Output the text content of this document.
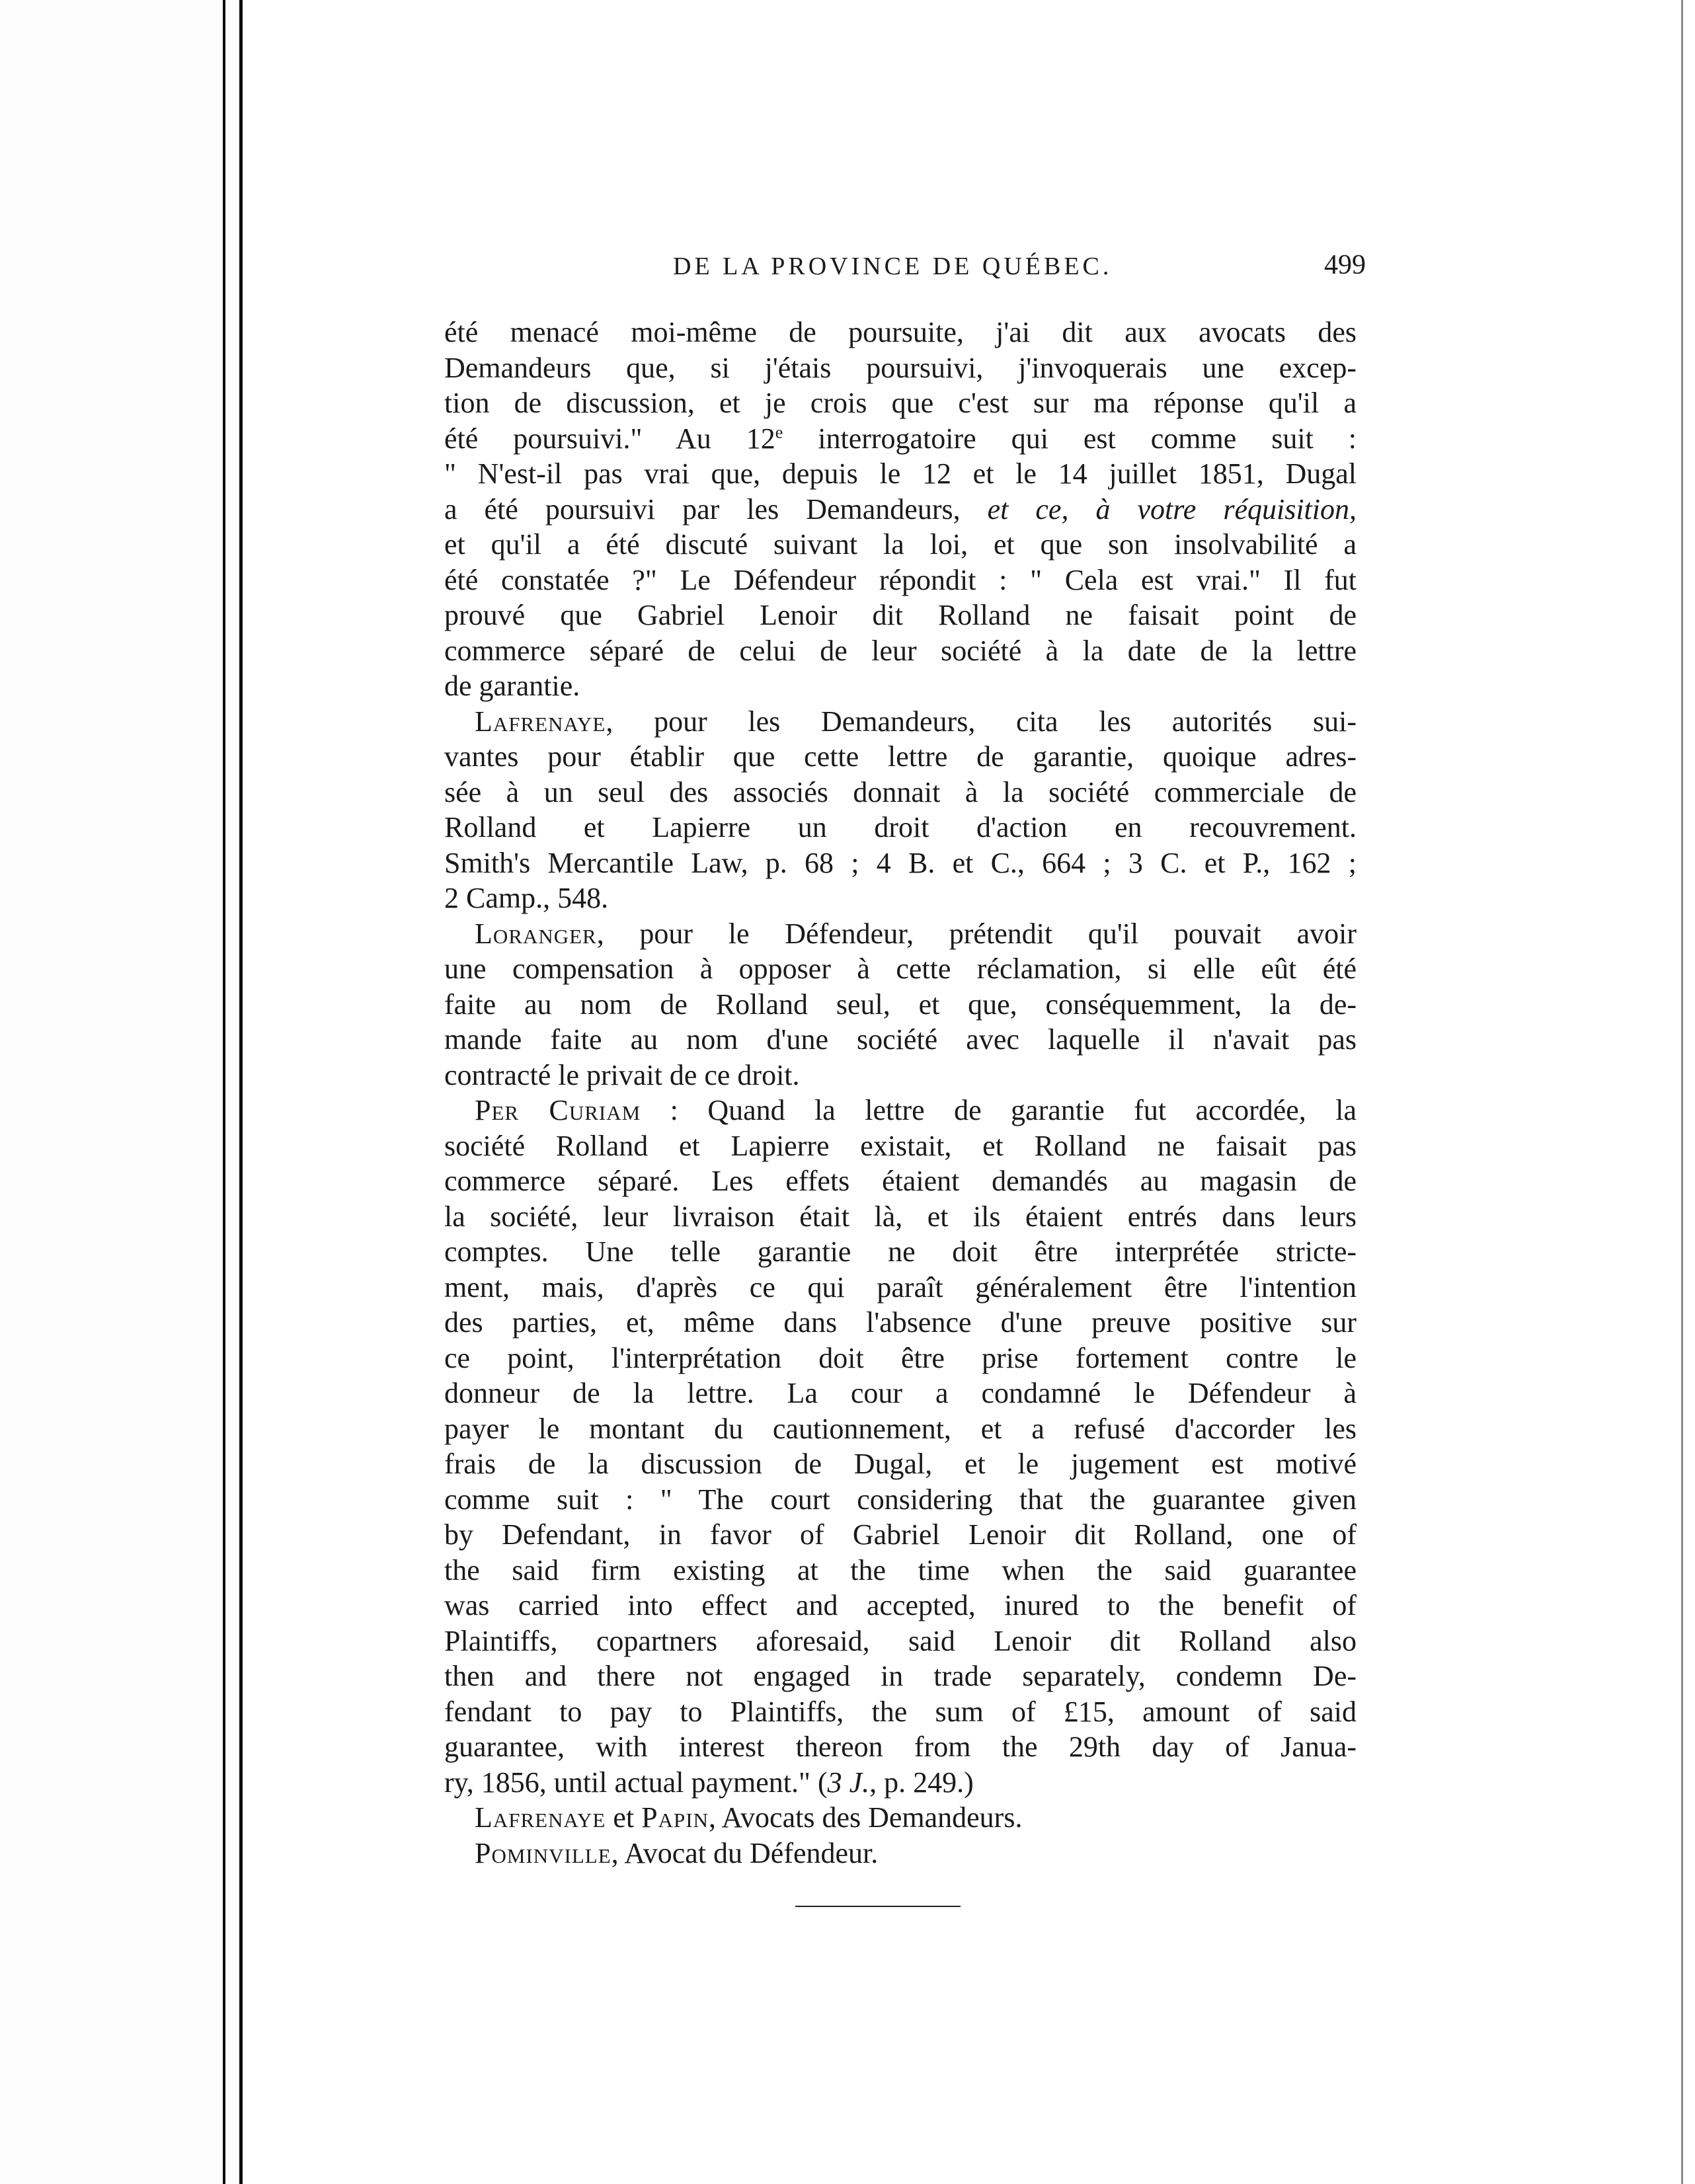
DE LA PROVINCE DE QUÉBEC.	499
été menacé moi-même de poursuite, j'ai dit aux avocats des
Demandeurs que, si j'étais poursuivi, j'invoquerais une excep-
tion de discussion, et je crois que c'est sur ma réponse qu'il a
été poursuivi." Au 12e interrogatoire qui est comme suit :
" N'est-il pas vrai que, depuis le 12 et le 14 juillet 1851, Dugal
a été poursuivi par les Demandeurs, et ce, à votre réquisition,
et qu'il a été discuté suivant la loi, et que son insolvabilité a
été constatée ?" Le Défendeur répondit : " Cela est vrai." Il fut
prouvé que Gabriel Lenoir dit Rolland ne faisait point de
commerce séparé de celui de leur société à la date de la lettre
de garantie.
Lafrenaye, pour les Demandeurs, cita les autorités sui-
vantes pour établir que cette lettre de garantie, quoique adres-
sée à un seul des associés donnait à la société commerciale de
Rolland et Lapierre un droit d'action en recouvrement.
Smith's Mercantile Law, p. 68 ; 4 B. et C., 664 ; 3 C. et P., 162 ;
2 Camp., 548.
Loranger, pour le Défendeur, prétendit qu'il pouvait avoir
une compensation à opposer à cette réclamation, si elle eût été
faite au nom de Rolland seul, et que, conséquemment, la de-
mande faite au nom d'une société avec laquelle il n'avait pas
contracté le privait de ce droit.
Per Curiam : Quand la lettre de garantie fut accordée, la
société Rolland et Lapierre existait, et Rolland ne faisait pas
commerce séparé. Les effets étaient demandés au magasin de
la société, leur livraison était là, et ils étaient entrés dans leurs
comptes. Une telle garantie ne doit être interprétée stricte-
ment, mais, d'après ce qui paraît généralement être l'intention
des parties, et, même dans l'absence d'une preuve positive sur
ce point, l'interprétation doit être prise fortement contre le
donneur de la lettre. La cour a condamné le Défendeur à
payer le montant du cautionnement, et a refusé d'accorder les
frais de la discussion de Dugal, et le jugement est motivé
comme suit : " The court considering that the guarantee given
by Defendant, in favor of Gabriel Lenoir dit Rolland, one of
the said firm existing at the time when the said guarantee
was carried into effect and accepted, inured to the benefit of
Plaintiffs, copartners aforesaid, said Lenoir dit Rolland also
then and there not engaged in trade separately, condemn De-
fendant to pay to Plaintiffs, the sum of £15, amount of said
guarantee, with interest thereon from the 29th day of Janua-
ry, 1856, until actual payment." (3 J., p. 249.)
Lafrenaye et Papin, Avocats des Demandeurs.
Pominville, Avocat du Défendeur.
